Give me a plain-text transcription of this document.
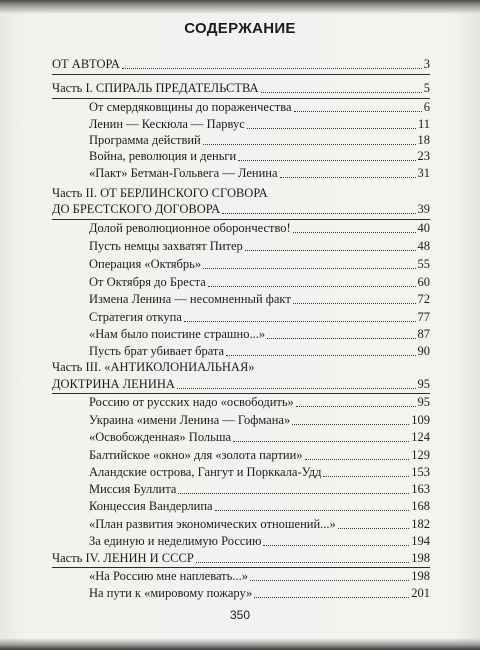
СОДЕРЖАНИЕ
ОТ АВТОРА	3
Часть I. СПИРАЛЬ ПРЕДАТЕЛЬСТВА	5
От смердяковщины до пораженчества	6
Ленин — Кескюла — Парвус	11
Программа действий	18
Война, революция и деньги	23
«Пакт» Бетман-Гольвега — Ленина	31
Часть II. ОТ БЕРЛИНСКОГО СГОВОРА
ДО БРЕСТСКОГО ДОГОВОРА	39
Долой революционное оборончество!	40
Пусть немцы захватят Питер	48
Операция «Октябрь»	55
От Октября до Бреста	60
Измена Ленина — несомненный факт	72
Стратегия откупа	77
«Нам было поистине страшно...»	87
Пусть брат убивает брата	90
Часть III. «АНТИКОЛОНИАЛЬНАЯ»
ДОКТРИНА ЛЕНИНА	95
Россию от русских надо «освободить»	95
Украина «имени Ленина — Гофмана»	109
«Освобожденная» Польша	124
Балтийское «окно» для «золота партии»	129
Аландские острова, Гангут и Порккала-Удд	153
Миссия Буллита	163
Концессия Вандерлипа	168
«План развития экономических отношений...»	182
За единую и неделимую Россию	194
Часть IV. ЛЕНИН И СССР	198
«На Россию мне наплевать...»	198
На пути к «мировому пожару»	201
350
